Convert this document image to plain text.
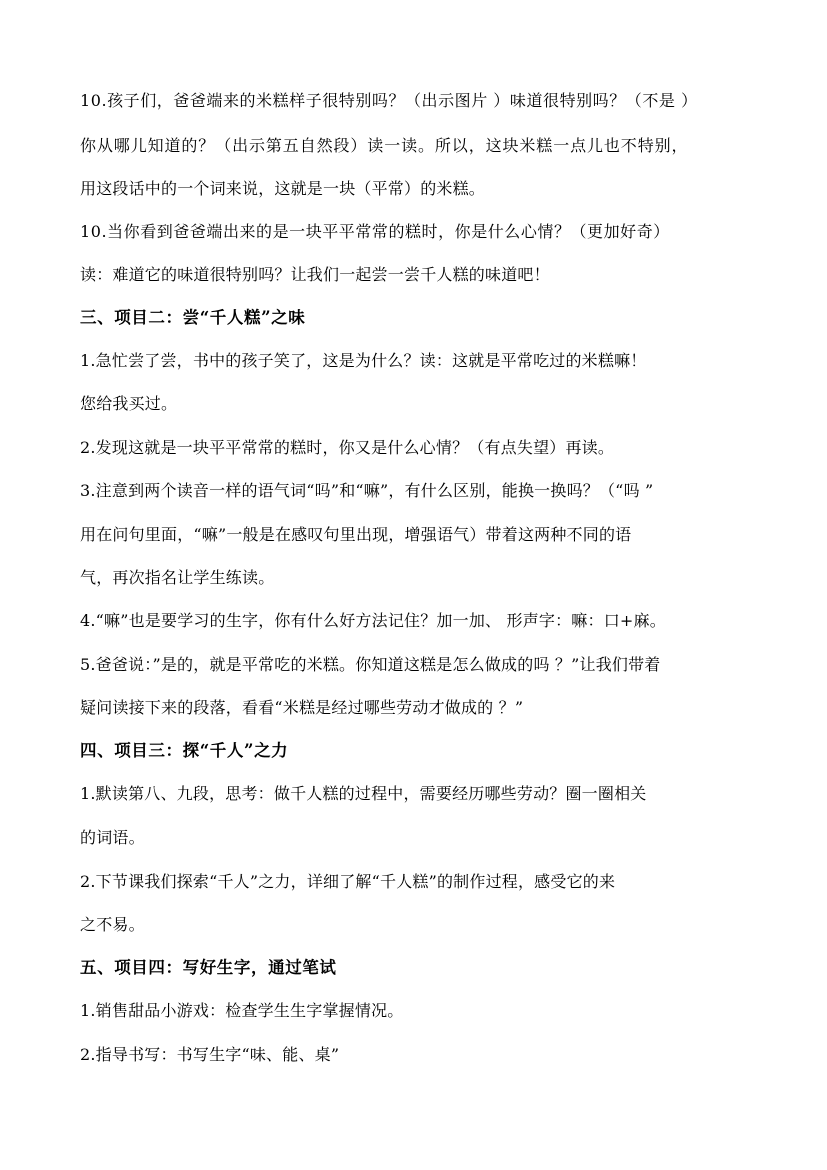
10.孩子们，爸爸端来的米糕样子很特别吗？（出示图片 ）味道很特别吗？（不是 ）
你从哪儿知道的？（出示第五自然段）读一读。所以，这块米糕一点儿也不特别，
用这段话中的一个词来说，这就是一块（平常）的米糕。
10.当你看到爸爸端出来的是一块平平常常的糕时，你是什么心情？（更加好奇）
读：难道它的味道很特别吗？让我们一起尝一尝千人糕的味道吧！
三、项目二：尝“千人糕”之味
1.急忙尝了尝，书中的孩子笑了，这是为什么？读：这就是平常吃过的米糕嘛！
您给我买过。
2.发现这就是一块平平常常的糕时，你又是什么心情？（有点失望）再读。
3.注意到两个读音一样的语气词“吗”和“嘛”，有什么区别，能换一换吗？（“吗 ”
用在问句里面，“嘛”一般是在感叹句里出现，增强语气）带着这两种不同的语
气，再次指名让学生练读。
4.“嘛”也是要学习的生字，你有什么好方法记住？加一加、 形声字：嘛：口+麻。
5.爸爸说：”是的，就是平常吃的米糕。你知道这糕是怎么做成的吗 ？”让我们带着
疑问读接下来的段落，看看“米糕是经过哪些劳动才做成的 ？”
四、项目三：探“千人”之力
1.默读第八、九段，思考：做千人糕的过程中，需要经历哪些劳动？圈一圈相关
的词语。
2.下节课我们探索“千人”之力，详细了解“千人糕”的制作过程，感受它的来
之不易。
五、项目四：写好生字，通过笔试
1.销售甜品小游戏：检查学生生字掌握情况。
2.指导书写：书写生字“味、能、桌”
